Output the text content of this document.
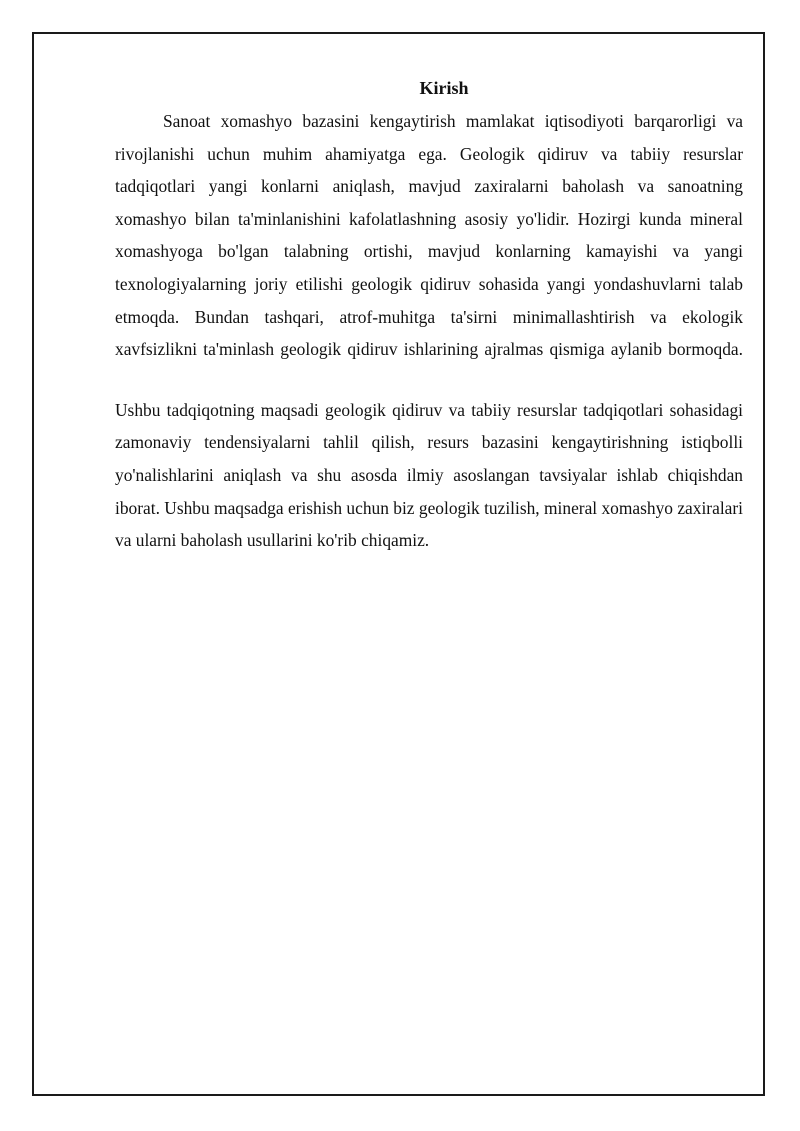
Kirish

Sanoat xomashyo bazasini kengaytirish mamlakat iqtisodiyoti barqarorligi va rivojlanishi uchun muhim ahamiyatga ega. Geologik qidiruv va tabiiy resurslar tadqiqotlari yangi konlarni aniqlash, mavjud zaxiralarni baholash va sanoatning xomashyo bilan ta'minlanishini kafolatlashning asosiy yo'lidir. Hozirgi kunda mineral xomashyoga bo'lgan talabning ortishi, mavjud konlarning kamayishi va yangi texnologiyalarning joriy etilishi geologik qidiruv sohasida yangi yondashuvlarni talab etmoqda. Bundan tashqari, atrof-muhitga ta'sirni minimallashtirish va ekologik xavfsizlikni ta'minlash geologik qidiruv ishlarining ajralmas qismiga aylanib bormoqda.

Ushbu tadqiqotning maqsadi geologik qidiruv va tabiiy resurslar tadqiqotlari sohasidagi zamonaviy tendensiyalarni tahlil qilish, resurs bazasini kengaytirishning istiqbolli yo'nalishlarini aniqlash va shu asosda ilmiy asoslangan tavsiyalar ishlab chiqishdan iborat. Ushbu maqsadga erishish uchun biz geologik tuzilish, mineral xomashyo zaxiralari va ularni baholash usullarini ko'rib chiqamiz.
